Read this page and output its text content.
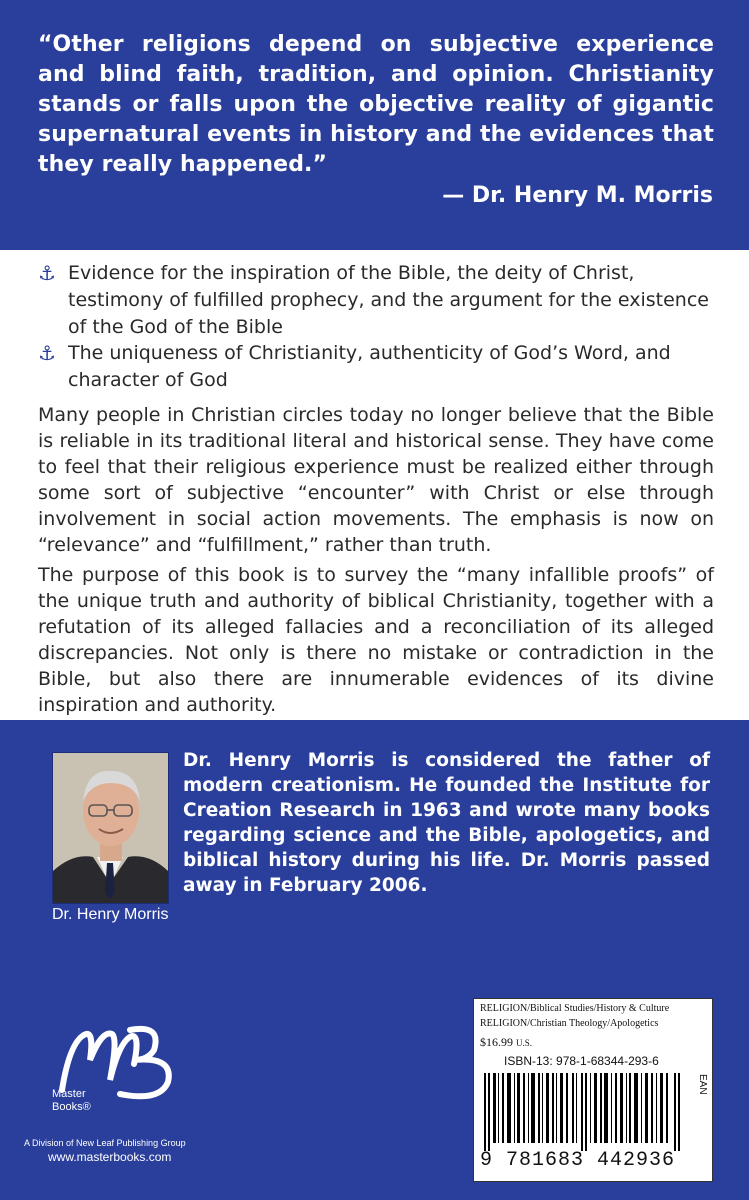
“Other religions depend on subjective experience and blind faith, tradition, and opinion. Christianity stands or falls upon the objective reality of gigantic supernatural events in history and the evidences that they really happened.”
— Dr. Henry M. Morris
⚓ Evidence for the inspiration of the Bible, the deity of Christ, testimony of fulfilled prophecy, and the argument for the existence of the God of the Bible
⚓ The uniqueness of Christianity, authenticity of God’s Word, and character of God
Many people in Christian circles today no longer believe that the Bible is reliable in its traditional literal and historical sense. They have come to feel that their religious experience must be realized either through some sort of subjective “encounter” with Christ or else through involvement in social action movements. The emphasis is now on “relevance” and “fulfillment,” rather than truth.
The purpose of this book is to survey the “many infallible proofs” of the unique truth and authority of biblical Christianity, together with a refutation of its alleged fallacies and a reconciliation of its alleged discrepancies. Not only is there no mistake or contradiction in the Bible, but also there are innumerable evidences of its divine inspiration and authority.
Dr. Henry Morris
Dr. Henry Morris is considered the father of modern creationism. He founded the Institute for Creation Research in 1963 and wrote many books regarding science and the Bible, apologetics, and biblical history during his life. Dr. Morris passed away in February 2006.
Master
Books®
A Division of New Leaf Publishing Group
www.masterbooks.com
RELIGION/Biblical Studies/History & Culture
RELIGION/Christian Theology/Apologetics
$16.99 U.S.
ISBN-13: 978-1-68344-293-6
EAN
9 781683 442936
